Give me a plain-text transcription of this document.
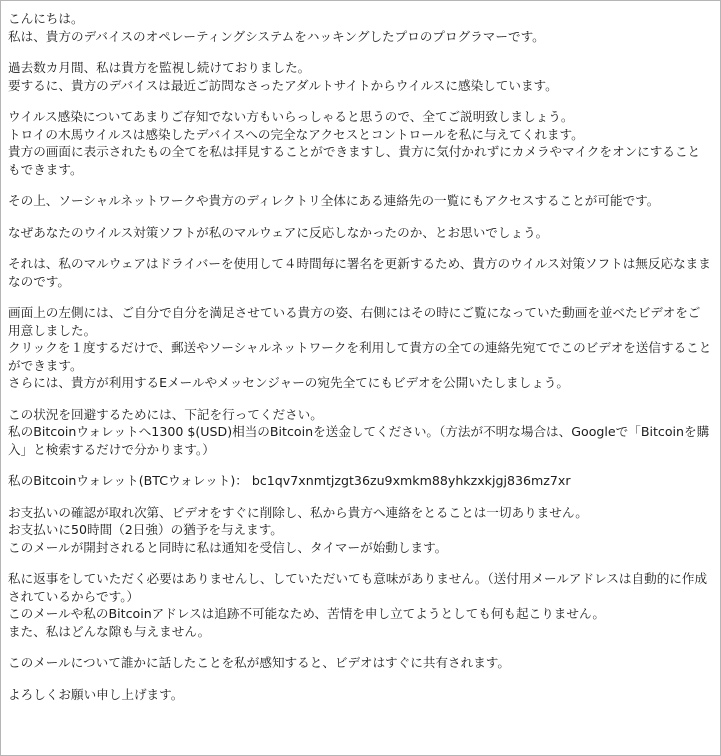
こんにちは。
私は、貴方のデバイスのオペレーティングシステムをハッキングしたプロのプログラマーです。

過去数カ月間、私は貴方を監視し続けておりました。
要するに、貴方のデバイスは最近ご訪問なさったアダルトサイトからウイルスに感染しています。

ウイルス感染についてあまりご存知でない方もいらっしゃると思うので、全てご説明致しましょう。
トロイの木馬ウイルスは感染したデバイスへの完全なアクセスとコントロールを私に与えてくれます。
貴方の画面に表示されたもの全てを私は拝見することができますし、貴方に気付かれずにカメラやマイクをオンにすることもできます。

その上、ソーシャルネットワークや貴方のディレクトリ全体にある連絡先の一覧にもアクセスすることが可能です。

なぜあなたのウイルス対策ソフトが私のマルウェアに反応しなかったのか、とお思いでしょう。

それは、私のマルウェアはドライバーを使用して４時間毎に署名を更新するため、貴方のウイルス対策ソフトは無反応なままなのです。

画面上の左側には、ご自分で自分を満足させている貴方の姿、右側にはその時にご覧になっていた動画を並べたビデオをご用意しました。
クリックを１度するだけで、郵送やソーシャルネットワークを利用して貴方の全ての連絡先宛てでこのビデオを送信することができます。
さらには、貴方が利用するEメールやメッセンジャーの宛先全てにもビデオを公開いたしましょう。

この状況を回避するためには、下記を行ってください。
私のBitcoinウォレットへ1300 $(USD)相当のBitcoinを送金してください。（方法が不明な場合は、Googleで「Bitcoinを購入」と検索するだけで分かります。）

私のBitcoinウォレット(BTCウォレット)： bc1qv7xnmtjzgt36zu9xmkm88yhkzxkjgj836mz7xr

お支払いの確認が取れ次第、ビデオをすぐに削除し、私から貴方へ連絡をとることは一切ありません。
お支払いに50時間（2日強）の猶予を与えます。
このメールが開封されると同時に私は通知を受信し、タイマーが始動します。

私に返事をしていただく必要はありませんし、していただいても意味がありません。（送付用メールアドレスは自動的に作成されているからです。）
このメールや私のBitcoinアドレスは追跡不可能なため、苦情を申し立てようとしても何も起こりません。
また、私はどんな隙も与えません。

このメールについて誰かに話したことを私が感知すると、ビデオはすぐに共有されます。

よろしくお願い申し上げます。
